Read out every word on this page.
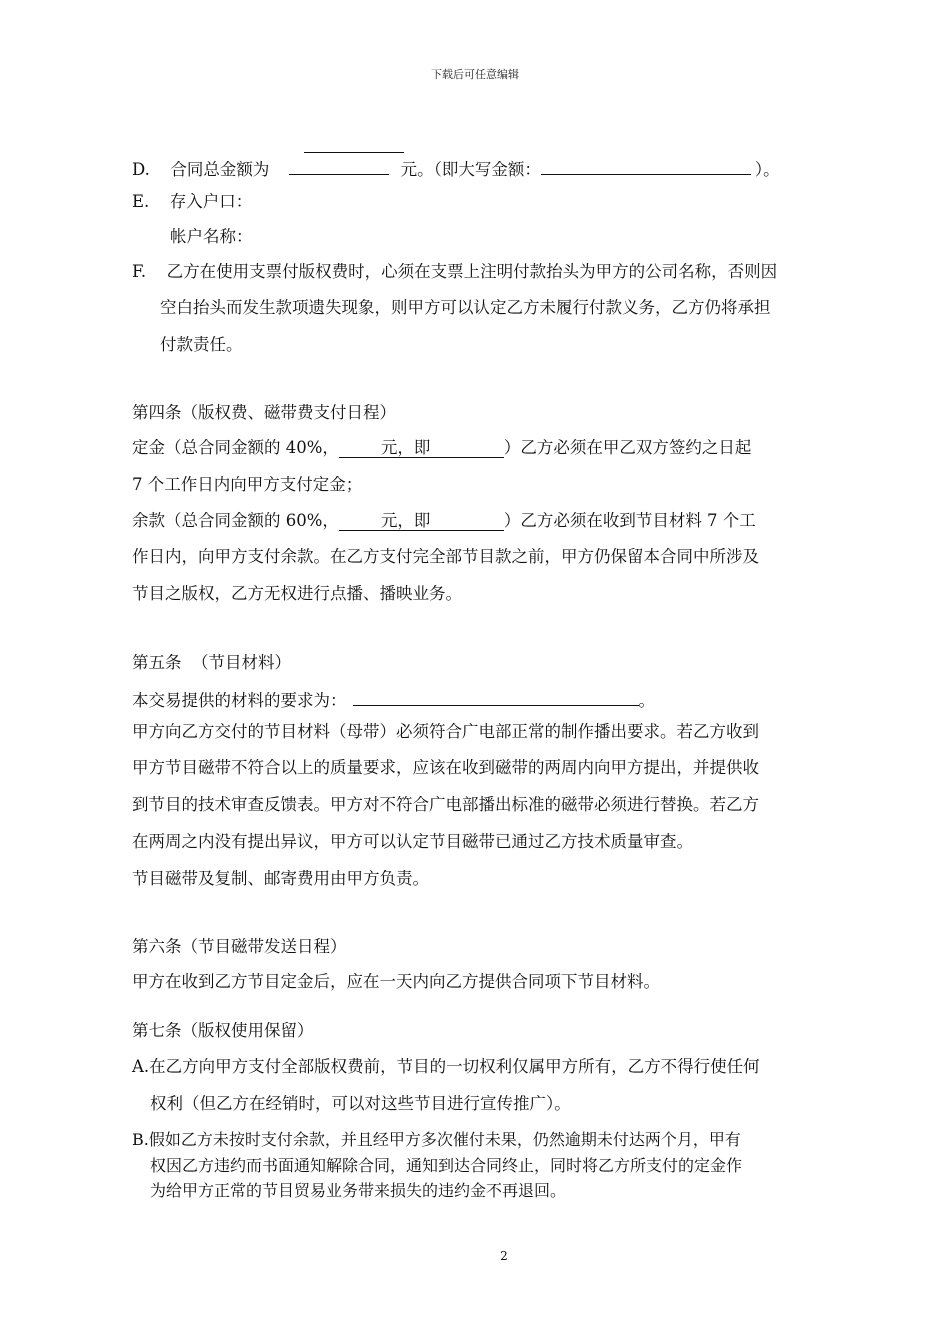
下载后可任意编辑
D. 合同总金额为	元。（即大写金额：	）。
E. 存入户口：
帐户名称：
F. 乙方在使用支票付版权费时，心须在支票上注明付款抬头为甲方的公司名称，否则因
空白抬头而发生款项遗失现象，则甲方可以认定乙方未履行付款义务，乙方仍将承担
付款责任。
第四条（版权费、磁带费支付日程）
定金（总合同金额的 40%，        元，即              ）乙方必须在甲乙双方签约之日起
7 个工作日内向甲方支付定金；
余款（总合同金额的 60%，        元，即              ）乙方必须在收到节目材料 7 个工
作日内，向甲方支付余款。在乙方支付完全部节目款之前，甲方仍保留本合同中所涉及
节目之版权，乙方无权进行点播、播映业务。
第五条  （节目材料）
本交易提供的材料的要求为：	。
甲方向乙方交付的节目材料（母带）必须符合广电部正常的制作播出要求。若乙方收到
甲方节目磁带不符合以上的质量要求，应该在收到磁带的两周内向甲方提出，并提供收
到节目的技术审查反馈表。甲方对不符合广电部播出标准的磁带必须进行替换。若乙方
在两周之内没有提出异议，甲方可以认定节目磁带已通过乙方技术质量审查。
节目磁带及复制、邮寄费用由甲方负责。
第六条（节目磁带发送日程）
甲方在收到乙方节目定金后，应在一天内向乙方提供合同项下节目材料。
第七条（版权使用保留）
A.在乙方向甲方支付全部版权费前，节目的一切权利仅属甲方所有，乙方不得行使任何
权利（但乙方在经销时，可以对这些节目进行宣传推广）。
B.假如乙方未按时支付余款，并且经甲方多次催付未果，仍然逾期未付达两个月，甲有
权因乙方违约而书面通知解除合同，通知到达合同终止，同时将乙方所支付的定金作
为给甲方正常的节目贸易业务带来损失的违约金不再退回。
2
